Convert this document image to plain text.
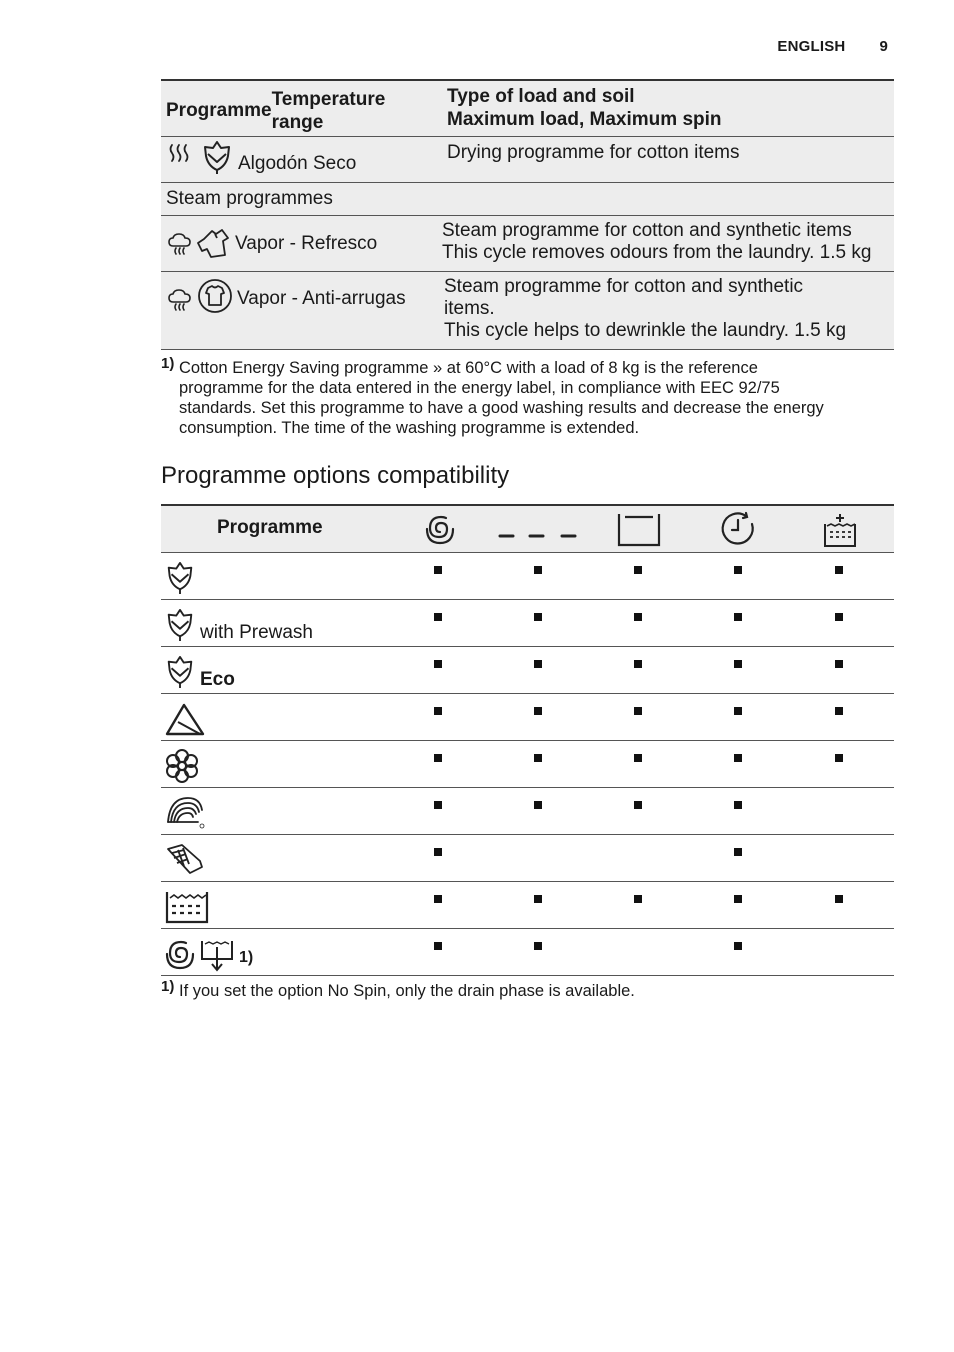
ENGLISH 9
Programme
Temperature range
Type of load and soil
Maximum load, Maximum spin
Algodón Seco
Drying programme for cotton items
Steam programmes
Vapor - Refresco
Steam programme for cotton and synthetic items
This cycle removes odours from the laundry. 1.5 kg
Vapor - Anti-arrugas
Steam programme for cotton and synthetic
items.
This cycle helps to dewrinkle the laundry. 1.5 kg
1) Cotton Energy Saving programme » at 60°C with a load of 8 kg is the reference
programme for the data entered in the energy label, in compliance with EEC 92/75
standards. Set this programme to have a good washing results and decrease the energy
consumption. The time of the washing programme is extended.
Programme options compatibility
Programme
with Prewash
Eco
1)
1) If you set the option No Spin, only the drain phase is available.
